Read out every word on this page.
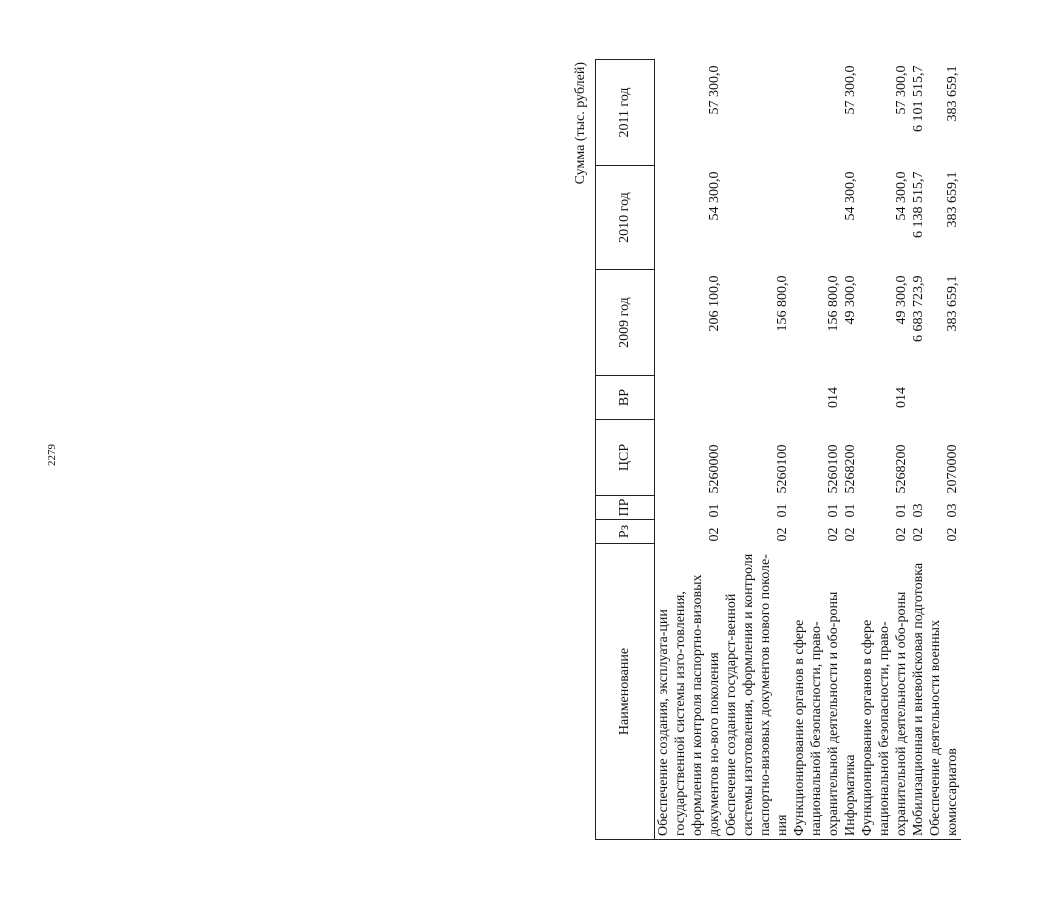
2279
Сумма (тыс. рублей)
Наименование	Рз	ПР	ЦСР	ВР	2009 год	2010 год	2011 год
Обеспечение создания, эксплуата-ции государственной системы изго-товления, оформления и контроля паспортно-визовых документов но-вого поколения	02	01	5260000		206 100,0	54 300,0	57 300,0
Обеспечение создания государст-венной системы изготовления, оформления и контроля паспортно-визовых документов нового поколе-ния	02	01	5260100		156 800,0		
Функционирование органов в сфере национальной безопасности, право-охранительной деятельности и обо-роны	02	01	5260100	014	156 800,0		
Информатика	02	01	5268200		49 300,0	54 300,0	57 300,0
Функционирование органов в сфере национальной безопасности, право-охранительной деятельности и обо-роны	02	01	5268200	014	49 300,0	54 300,0	57 300,0
Мобилизационная и вневойсковая подготовка	02	03			6 683 723,9	6 138 515,7	6 101 515,7
Обеспечение деятельности военных комиссариатов	02	03	2070000		383 659,1	383 659,1	383 659,1
